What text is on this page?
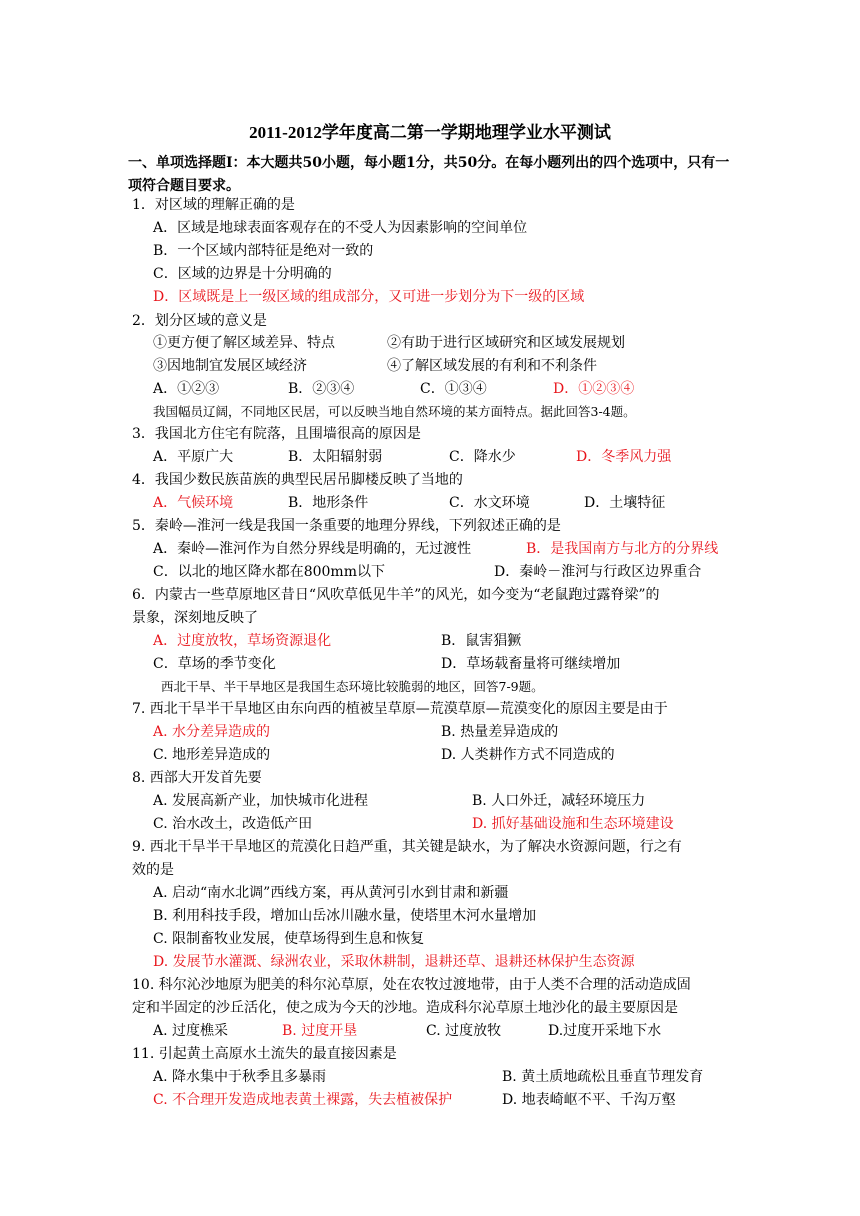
2011-2012学年度高二第一学期地理学业水平测试
一、单项选择题Ⅰ：本大题共50小题，每小题1分，共50分。在每小题列出的四个选项中，只有一项符合题目要求。
1．对区域的理解正确的是
A．区域是地球表面客观存在的不受人为因素影响的空间单位
B．一个区域内部特征是绝对一致的
C．区域的边界是十分明确的
D．区域既是上一级区域的组成部分，又可进一步划分为下一级的区域
2．划分区域的意义是
①更方便了解区域差异、特点	②有助于进行区域研究和区域发展规划
③因地制宜发展区域经济	④了解区域发展的有利和不利条件
A．①②③	B．②③④	C．①③④	D．①②③④
我国幅员辽阔，不同地区民居，可以反映当地自然环境的某方面特点。据此回答3-4题。
3．我国北方住宅有院落，且围墙很高的原因是
A．平原广大	B．太阳辐射弱	C．降水少	D．冬季风力强
4．我国少数民族苗族的典型民居吊脚楼反映了当地的
A．气候环境	B．地形条件	C．水文环境	D．土壤特征
5．秦岭—淮河一线是我国一条重要的地理分界线，下列叙述正确的是
A．秦岭—淮河作为自然分界线是明确的，无过渡性	B．是我国南方与北方的分界线
C．以北的地区降水都在800mm以下	D．秦岭－淮河与行政区边界重合
6．内蒙古一些草原地区昔日“风吹草低见牛羊”的风光，如今变为“老鼠跑过露脊梁”的
景象，深刻地反映了
A．过度放牧，草场资源退化	B．鼠害猖獗
C．草场的季节变化	D．草场载畜量将可继续增加
西北干旱、半干旱地区是我国生态环境比较脆弱的地区，回答7-9题。
7. 西北干旱半干旱地区由东向西的植被呈草原—荒漠草原—荒漠变化的原因主要是由于
A. 水分差异造成的	B. 热量差异造成的
C. 地形差异造成的	D. 人类耕作方式不同造成的
8. 西部大开发首先要
A. 发展高新产业，加快城市化进程	B. 人口外迁，减轻环境压力
C. 治水改土，改造低产田	D. 抓好基础设施和生态环境建设
9. 西北干旱半干旱地区的荒漠化日趋严重，其关键是缺水，为了解决水资源问题，行之有
效的是
A. 启动“南水北调”西线方案，再从黄河引水到甘肃和新疆
B. 利用科技手段，增加山岳冰川融水量，使塔里木河水量增加
C. 限制畜牧业发展，使草场得到生息和恢复
D. 发展节水灌溉、绿洲农业，采取休耕制，退耕还草、退耕还林保护生态资源
10. 科尔沁沙地原为肥美的科尔沁草原，处在农牧过渡地带，由于人类不合理的活动造成固
定和半固定的沙丘活化，使之成为今天的沙地。造成科尔沁草原土地沙化的最主要原因是
A. 过度樵采	B. 过度开垦	C. 过度放牧	D.过度开采地下水
11. 引起黄土高原水土流失的最直接因素是
A. 降水集中于秋季且多暴雨	B. 黄土质地疏松且垂直节理发育
C. 不合理开发造成地表黄土裸露，失去植被保护	D. 地表崎岖不平、千沟万壑
